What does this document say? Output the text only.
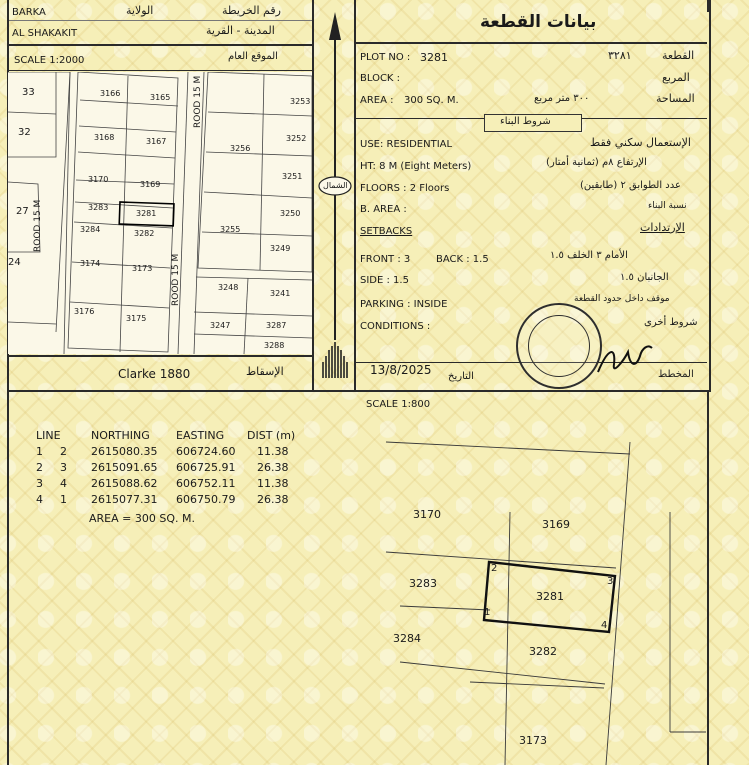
الولاية	رقم الخريطة
BARKA
المدينة - القرية
AL SHAKAKIT
بيانات القطعة
SCALE 1:2000	الموقع العام
33
32
27
24
3166	3165	3253
3168	3167	3252
3256
3170
3169
3251
3283
3281	3250
3284	3282	3255
3249
3174
3173
3248
3241
3176
3175
3247	3287
3288
ROOD 15 M
ROOD 15 M
ROOD 15 M
Clarke 1880	الإسقاط
الشمال
PLOT NO : 3281	٣٢٨١	القطعة
BLOCK :	المربع
AREA : 300 SQ. M.	٣٠٠ متر مربع	المساحة
شروط البناء
USE: RESIDENTIAL	الإستعمال سكني فقط
HT: 8 M (Eight Meters)	الإرتفاع ٨م (ثمانية أمتار)
FLOORS : 2 Floors	عدد الطوابق ٢ (طابقين)
B. AREA :	نسبة البناء
SETBACKS	الإرتدادات
FRONT : 3	BACK : 1.5	الأمام ٣ الخلف ١.٥
SIDE : 1.5	الجانبان ١.٥
PARKING : INSIDE	موقف داخل حدود القطعة
CONDITIONS :	شروط أخرى
المخطط
13/8/2025 التاريخ
SCALE 1:800
LINE	NORTHING EASTING DIST (m)
1 2 2615080.35 606724.60 11.38
2 3 2615091.65 606725.91 26.38
3 4 2615088.62 606752.11 11.38
4 1 2615077.31 606750.79 26.38
AREA = 300 SQ. M.	3170
3169
3283
3281
3284
3282
3173
1
2
3
4
